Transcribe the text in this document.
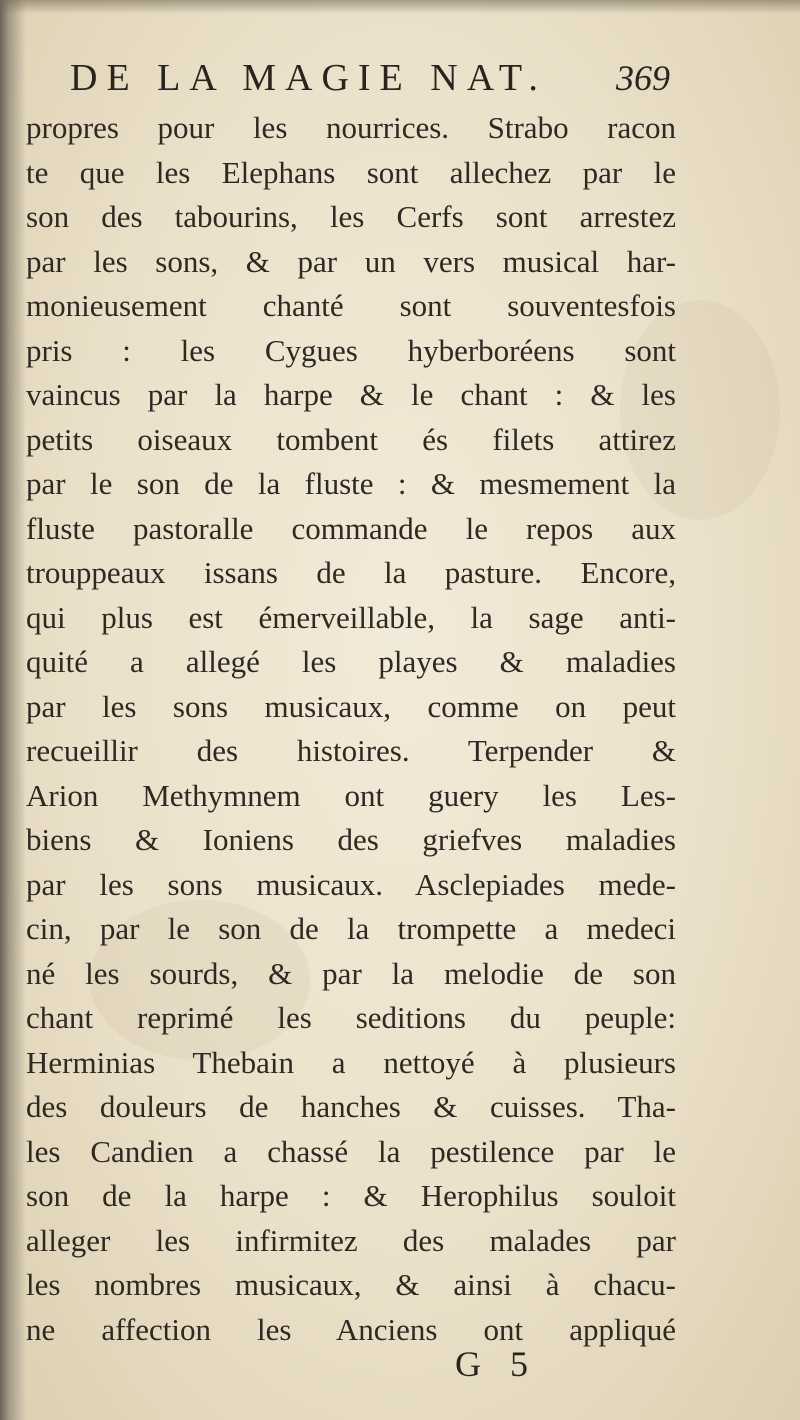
DE LA MAGIE NAT. 369
propres pour les nourrices. Strabo racon
te que les Elephans sont allechez par le
son des tabourins, les Cerfs sont arrestez
par les sons, & par un vers musical har-
monieusement chanté sont souventesfois
pris : les Cygues hyberboréens sont
vaincus par la harpe & le chant : & les
petits oiseaux tombent és filets attirez
par le son de la fluste : & mesmement la
fluste pastoralle commande le repos aux
trouppeaux issans de la pasture. Encore,
qui plus est émerveillable, la sage anti-
quité a allegé les playes & maladies
par les sons musicaux, comme on peut
recueillir des histoires. Terpender &
Arion Methymnem ont guery les Les-
biens & Ioniens des griefves maladies
par les sons musicaux. Asclepiades mede-
cin, par le son de la trompette a medeci
né les sourds, & par la melodie de son
chant reprimé les seditions du peuple:
Herminias Thebain a nettoyé à plusieurs
des douleurs de hanches & cuisses. Tha-
les Candien a chassé la pestilence par le
son de la harpe : & Herophilus souloit
alleger les infirmitez des malades par
les nombres musicaux, & ainsi à chacu-
ne affection les Anciens ont appliqué
G 5
